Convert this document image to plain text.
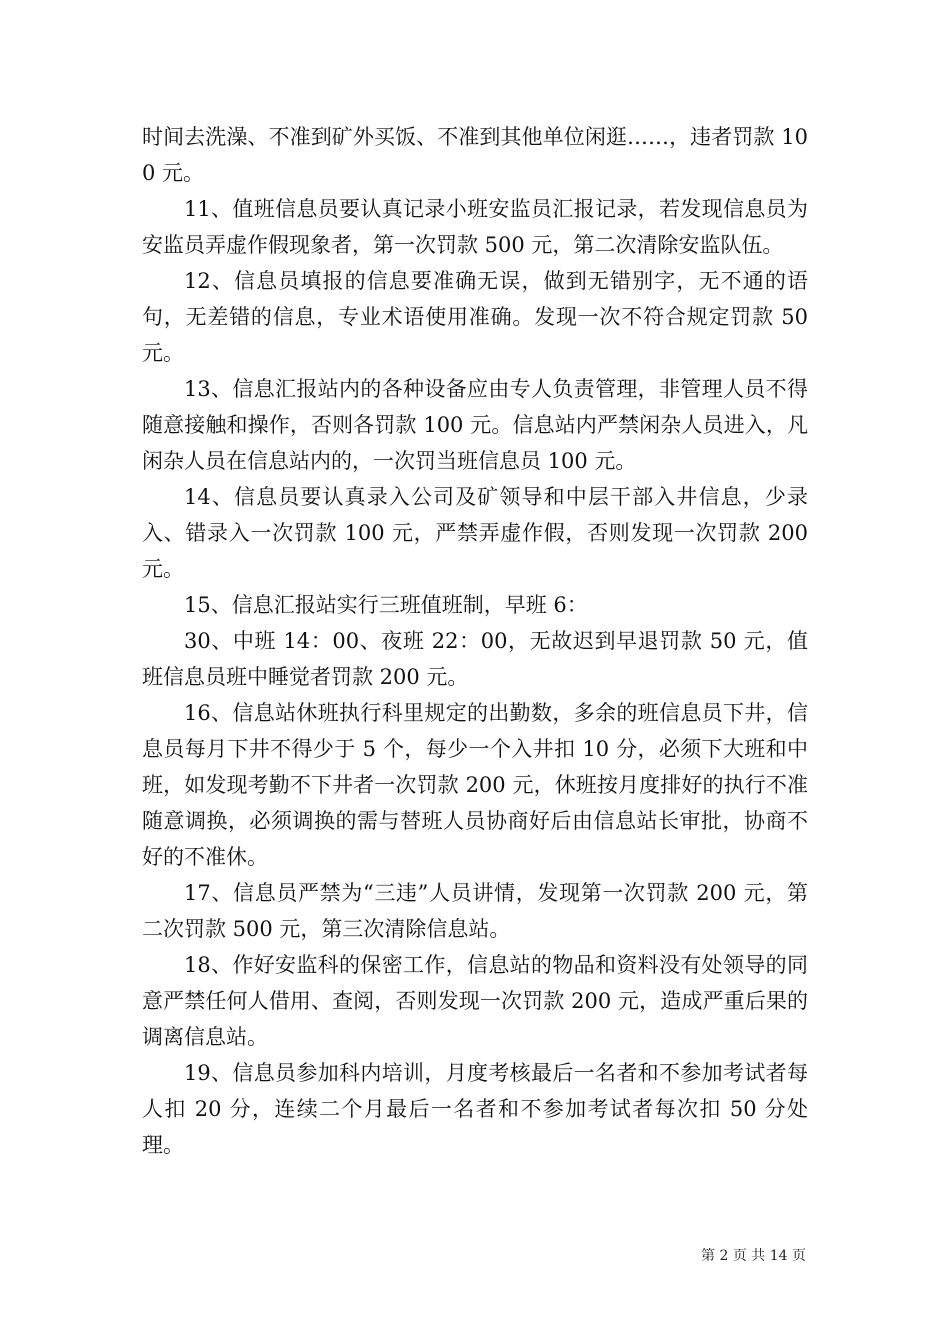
时间去洗澡、不准到矿外买饭、不准到其他单位闲逛……，违者罚款 100 元。

11、值班信息员要认真记录小班安监员汇报记录，若发现信息员为安监员弄虚作假现象者，第一次罚款 500 元，第二次清除安监队伍。

12、信息员填报的信息要准确无误，做到无错别字，无不通的语句，无差错的信息，专业术语使用准确。发现一次不符合规定罚款 50 元。

13、信息汇报站内的各种设备应由专人负责管理，非管理人员不得随意接触和操作，否则各罚款 100 元。信息站内严禁闲杂人员进入，凡闲杂人员在信息站内的，一次罚当班信息员 100 元。

14、信息员要认真录入公司及矿领导和中层干部入井信息，少录入、错录入一次罚款 100 元，严禁弄虚作假，否则发现一次罚款 200 元。

15、信息汇报站实行三班值班制，早班 6：

30、中班 14：00、夜班 22：00，无故迟到早退罚款 50 元，值班信息员班中睡觉者罚款 200 元。

16、信息站休班执行科里规定的出勤数，多余的班信息员下井，信息员每月下井不得少于 5 个，每少一个入井扣 10 分，必须下大班和中班，如发现考勤不下井者一次罚款 200 元，休班按月度排好的执行不准随意调换，必须调换的需与替班人员协商好后由信息站长审批，协商不好的不准休。

17、信息员严禁为“三违”人员讲情，发现第一次罚款 200 元，第二次罚款 500 元，第三次清除信息站。

18、作好安监科的保密工作，信息站的物品和资料没有处领导的同意严禁任何人借用、查阅，否则发现一次罚款 200 元，造成严重后果的调离信息站。

19、信息员参加科内培训，月度考核最后一名者和不参加考试者每人扣 20 分，连续二个月最后一名者和不参加考试者每次扣 50 分处理。

第 2 页 共 14 页
